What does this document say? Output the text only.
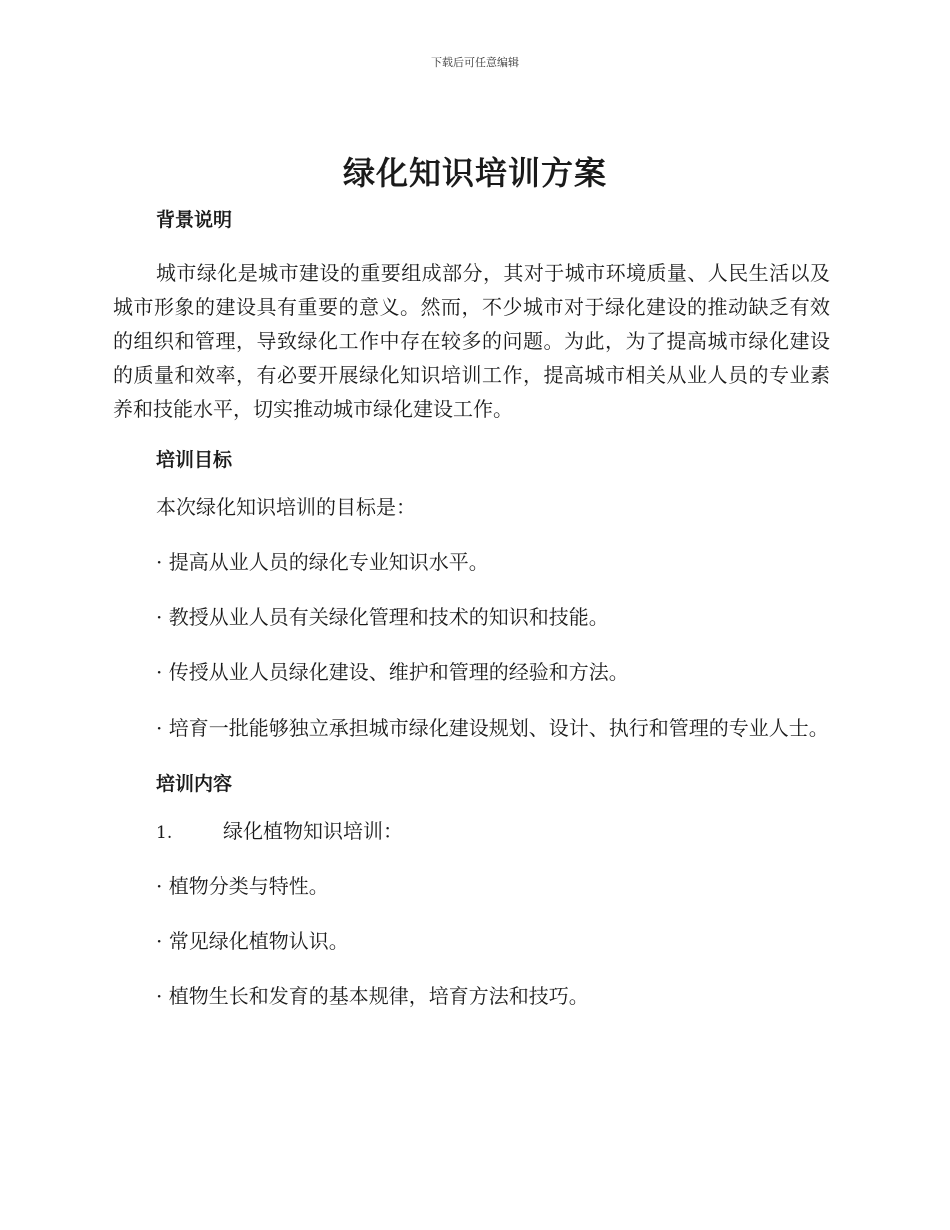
下载后可任意编辑
绿化知识培训方案
背景说明

城市绿化是城市建设的重要组成部分，其对于城市环境质量、人民生活以及城市形象的建设具有重要的意义。然而，不少城市对于绿化建设的推动缺乏有效的组织和管理，导致绿化工作中存在较多的问题。为此，为了提高城市绿化建设的质量和效率，有必要开展绿化知识培训工作，提高城市相关从业人员的专业素养和技能水平，切实推动城市绿化建设工作。

培训目标

本次绿化知识培训的目标是：

· 提高从业人员的绿化专业知识水平。

· 教授从业人员有关绿化管理和技术的知识和技能。

· 传授从业人员绿化建设、维护和管理的经验和方法。

· 培育一批能够独立承担城市绿化建设规划、设计、执行和管理的专业人士。

培训内容

1.	绿化植物知识培训：

· 植物分类与特性。

· 常见绿化植物认识。

· 植物生长和发育的基本规律，培育方法和技巧。
